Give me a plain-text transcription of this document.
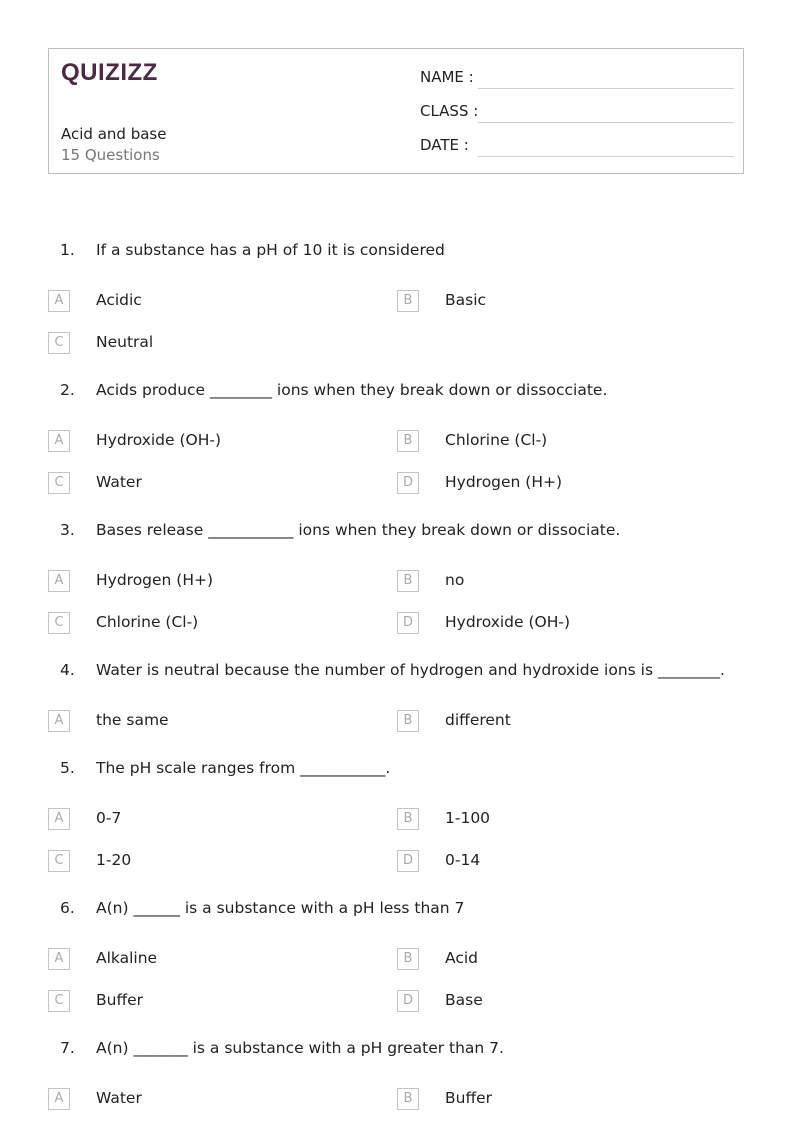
QUIZIZZ
Acid and base
15 Questions
NAME :
CLASS :
DATE :
1. If a substance has a pH of 10 it is considered
A	Acidic	B	Basic
C	Neutral
2. Acids produce ________ ions when they break down or dissocciate.
A	Hydroxide (OH-)	B	Chlorine (Cl-)
C	Water	D	Hydrogen (H+)
3. Bases release ___________ ions when they break down or dissociate.
A	Hydrogen (H+)	B	no
C	Chlorine (Cl-)	D	Hydroxide (OH-)
4. Water is neutral because the number of hydrogen and hydroxide ions is ________.
A	the same	B	different
5. The pH scale ranges from ___________.
A	0-7	B	1-100
C	1-20	D	0-14
6. A(n) ______ is a substance with a pH less than 7
A	Alkaline	B	Acid
C	Buffer	D	Base
7. A(n) _______ is a substance with a pH greater than 7.
A	Water	B	Buffer
